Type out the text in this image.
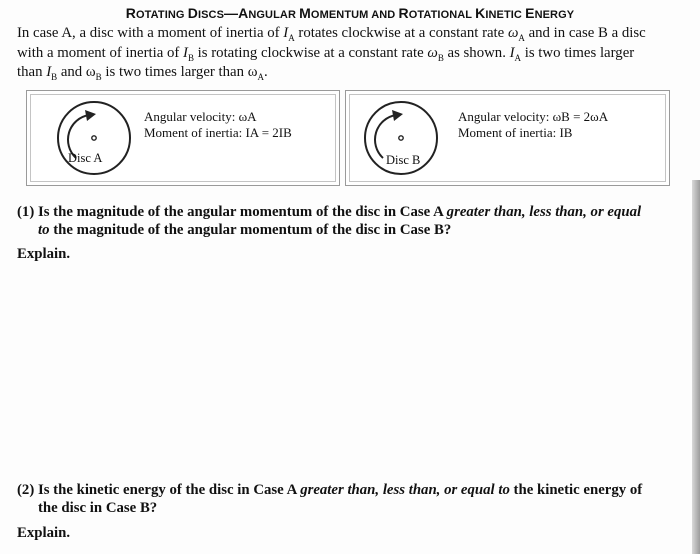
ROTATING DISCS—ANGULAR MOMENTUM AND ROTATIONAL KINETIC ENERGY
In case A, a disc with a moment of inertia of $I_A$ rotates clockwise at a constant rate $\omega_A$ and in case B a disc
with a moment of inertia of $I_B$ is rotating clockwise at a constant rate $\omega_B$ as shown. $I_A$ is two times larger
than $I_B$ and $\omega_B$ is two times larger than $\omega_A$.
Disc A
Angular velocity: ωA
Moment of inertia: IA = 2IB
Disc B
Angular velocity: ωB = 2ωA
Moment of inertia: IB
(1) Is the magnitude of the angular momentum of the disc in Case A greater than, less than, or equal
to the magnitude of the angular momentum of the disc in Case B?
Explain.
(2) Is the kinetic energy of the disc in Case A greater than, less than, or equal to the kinetic energy of
the disc in Case B?
Explain.
